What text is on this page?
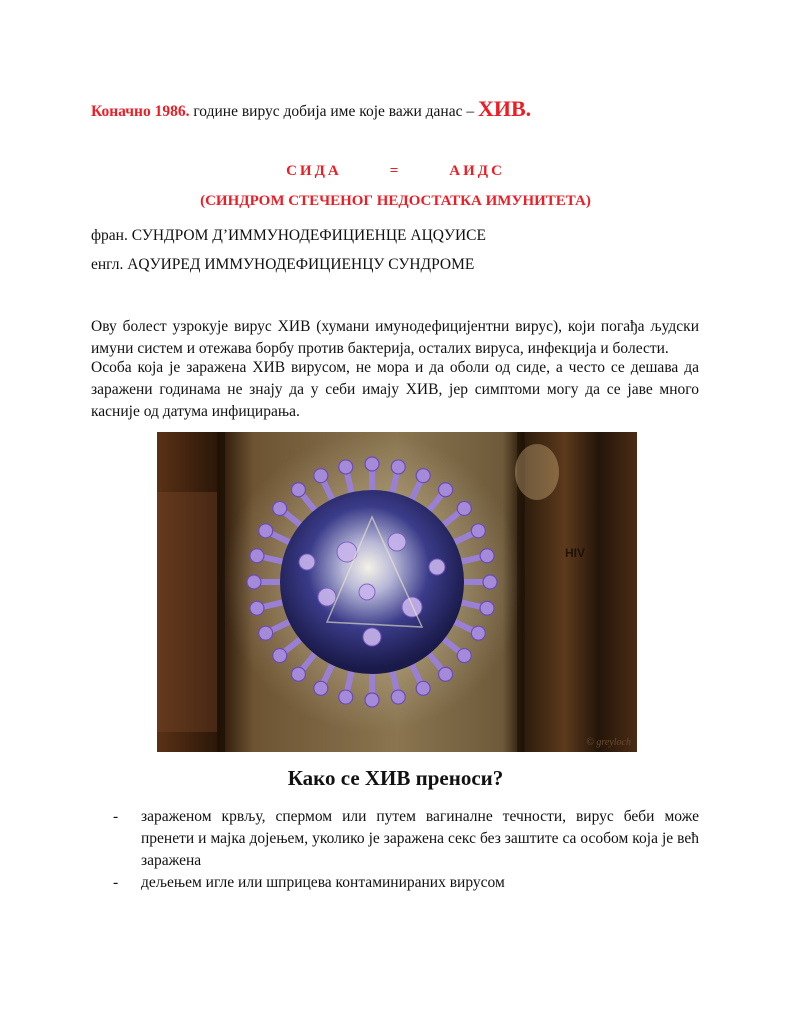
Коначно 1986. године вирус добија име које важи данас – ХИВ.
СИДА	=	АИДС
(СИНДРОМ СТЕЧЕНОГ НЕДОСТАТКА ИМУНИТЕТА)
фран. СУНДРОМ Д’ИММУНОДЕФИЦИЕНЦЕ АЦQУИСЕ
енгл. АQУИРЕД ИММУНОДЕФИЦИЕНЦУ СУНДРОМЕ
Ову болест узрокује вирус ХИВ (хумани имунодефицијентни вирус), који погађа људски
имуни систем и отежава борбу против бактерија, осталих вируса, инфекција и болести.
Особа која је заражена ХИВ вирусом, не мора и да оболи од сиде, а често се дешава да
заражени годинама не знају да у себи имају ХИВ, јер симптоми могу да се јаве много
касније од датума инфицирања.
HIV
© greyloch
Како се ХИВ преноси?
- зараженом крвљу, спермом или путем вагиналне течности, вирус беби може
пренети и мајка дојењем, уколико је заражена секс без заштите са особом која је већ
заражена
- дељењем игле или шприцева контаминираних вирусом
